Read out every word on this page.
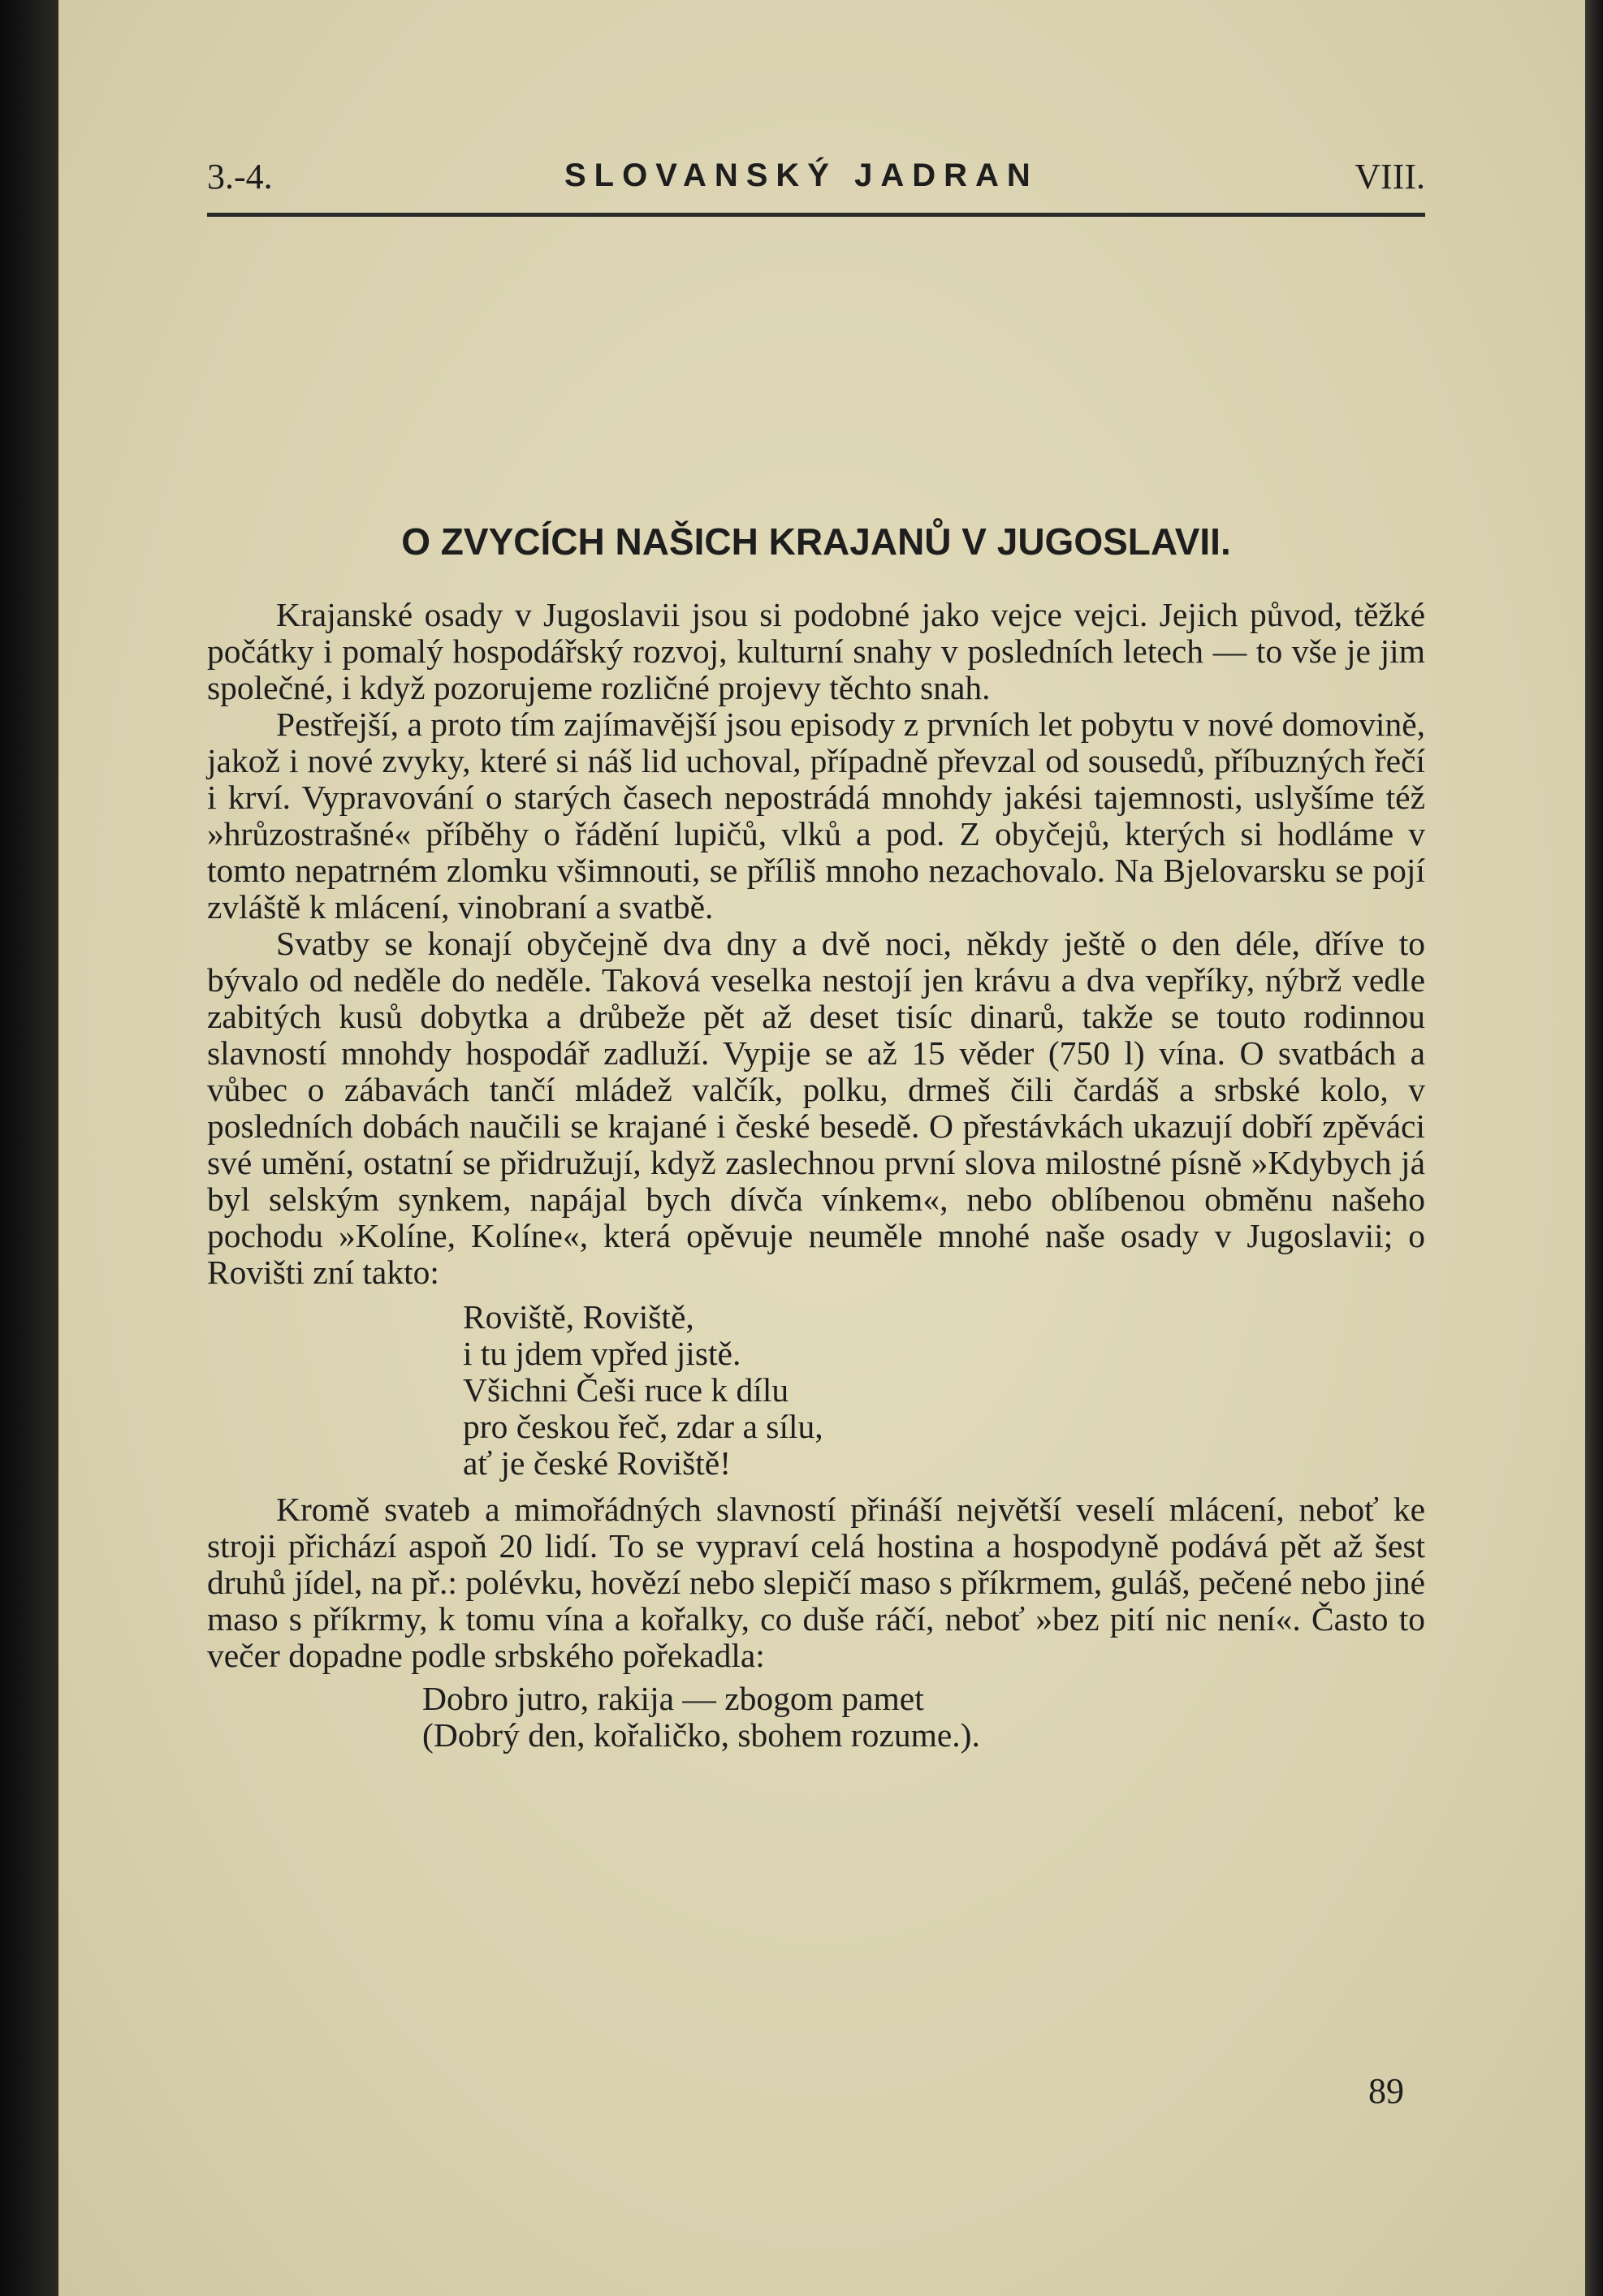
3.-4.	SLOVANSKÝ JADRAN	VIII.
O ZVYCÍCH NAŠICH KRAJANŮ V JUGOSLAVII.

Krajanské osady v Jugoslavii jsou si podobné jako vejce vejci. Jejich původ, těžké počátky i pomalý hospodářský rozvoj, kulturní snahy v posledních letech — to vše je jim společné, i když pozorujeme rozličné projevy těchto snah.

Pestřejší, a proto tím zajímavější jsou episody z prvních let pobytu v nové domovině, jakož i nové zvyky, které si náš lid uchoval, případně převzal od sousedů, příbuzných řečí i krví. Vypravování o starých časech nepostrádá mnohdy jakési tajemnosti, uslyšíme též »hrůzostrašné« příběhy o řádění lupičů, vlků a pod. Z obyčejů, kterých si hodláme v tomto nepatrném zlomku všimnouti, se příliš mnoho nezachovalo. Na Bjelovarsku se pojí zvláště k mlácení, vinobraní a svatbě.

Svatby se konají obyčejně dva dny a dvě noci, někdy ještě o den déle, dříve to bývalo od neděle do neděle. Taková veselka nestojí jen krávu a dva vepříky, nýbrž vedle zabitých kusů dobytka a drůbeže pět až deset tisíc dinarů, takže se touto rodinnou slavností mnohdy hospodář zadluží. Vypije se až 15 věder (750 l) vína. O svatbách a vůbec o zábavách tančí mládež valčík, polku, drmeš čili čardáš a srbské kolo, v posledních dobách naučili se krajané i české besedě. O přestávkách ukazují dobří zpěváci své umění, ostatní se přidružují, když zaslechnou první slova milostné písně »Kdybych já byl selským synkem, napájal bych dívča vínkem«, nebo oblíbenou obměnu našeho pochodu »Kolíne, Kolíne«, která opěvuje neuměle mnohé naše osady v Jugoslavii; o Rovišti zní takto:

Roviště, Roviště,
i tu jdem vpřed jistě.
Všichni Češi ruce k dílu
pro českou řeč, zdar a sílu,
ať je české Roviště!

Kromě svateb a mimořádných slavností přináší největší veselí mlácení, neboť ke stroji přichází aspoň 20 lidí. To se vypraví celá hostina a hospodyně podává pět až šest druhů jídel, na př.: polévku, hovězí nebo slepičí maso s příkrmem, guláš, pečené nebo jiné maso s příkrmy, k tomu vína a kořalky, co duše ráčí, neboť »bez pití nic není«. Často to večer dopadne podle srbského pořekadla:

Dobro jutro, rakija — zbogom pamet
(Dobrý den, kořaličko, sbohem rozume.).
89
